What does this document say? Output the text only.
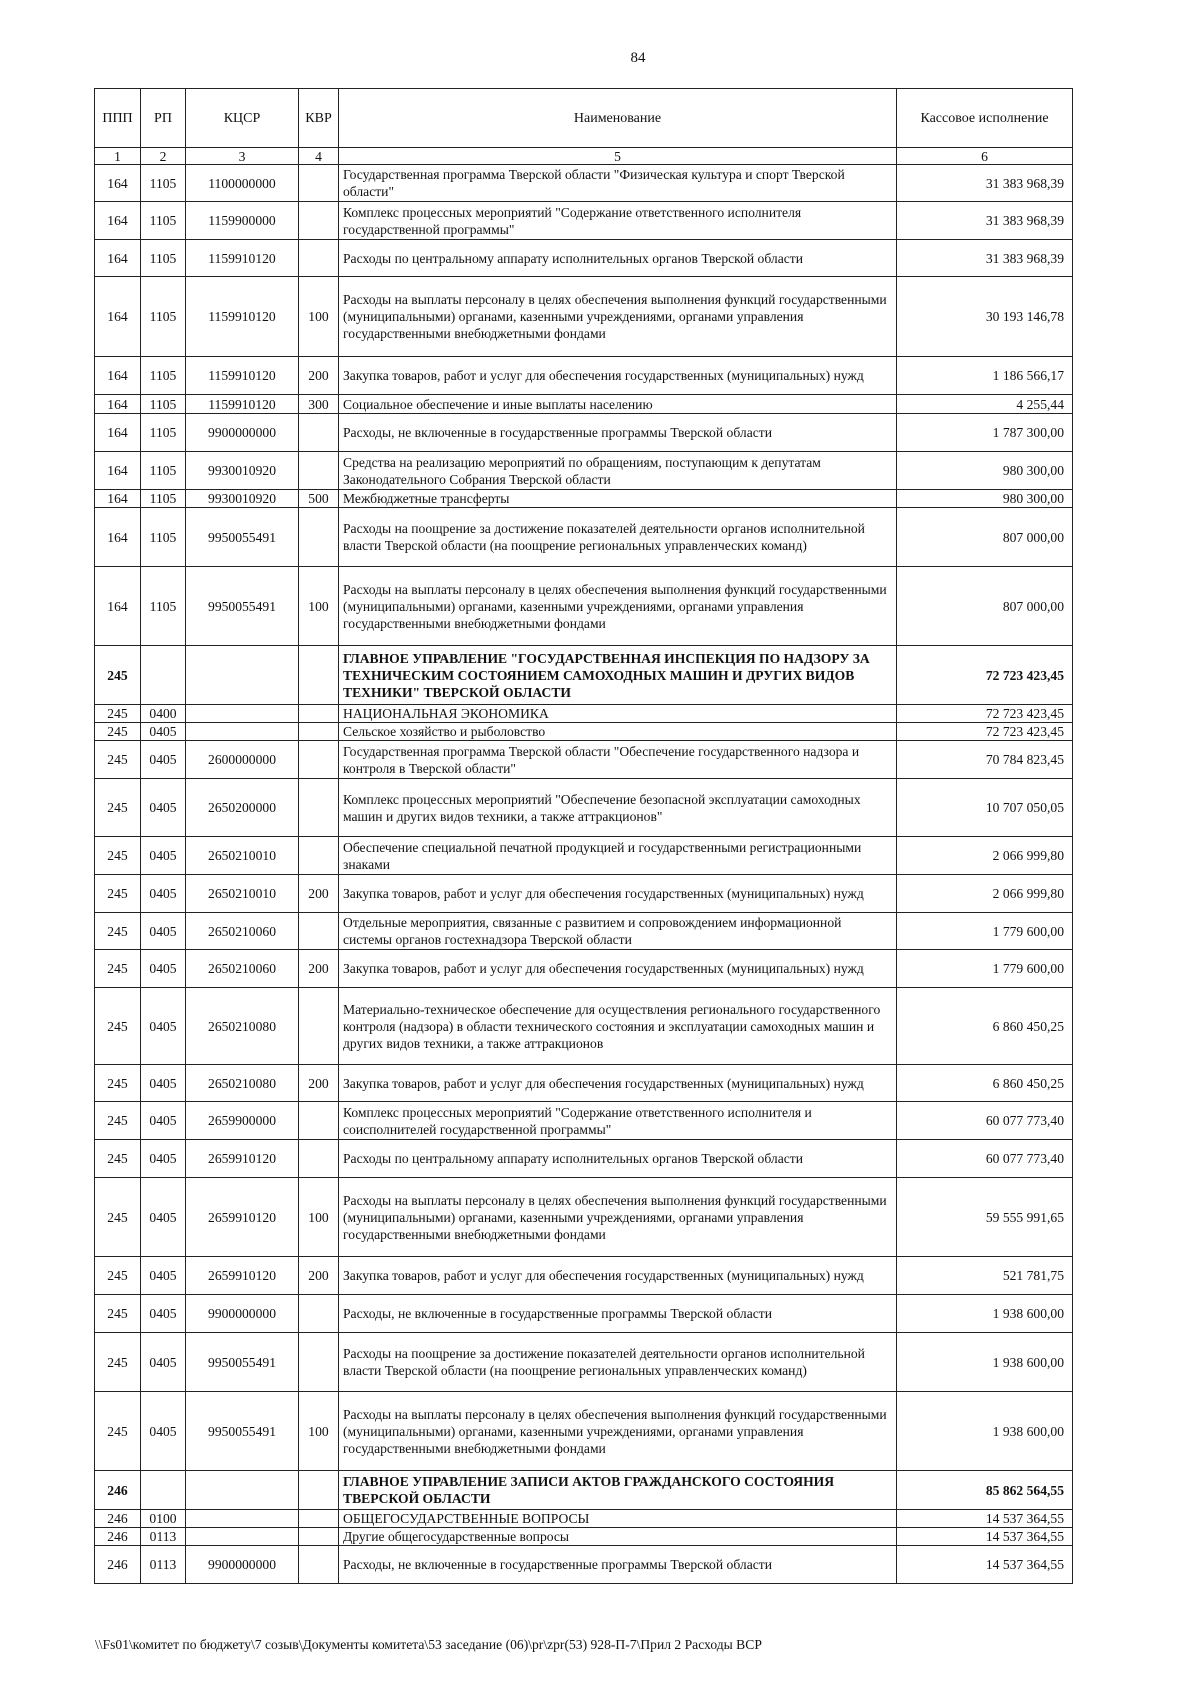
84
ППП	РП	КЦСР	КВР	Наименование	Кассовое исполнение
1	2	3	4	5	6
164	1105	1100000000		Государственная программа Тверской области "Физическая культура и спорт Тверской области"	31 383 968,39
164	1105	1159900000		Комплекс процессных мероприятий "Содержание ответственного исполнителя государственной программы"	31 383 968,39
164	1105	1159910120		Расходы по центральному аппарату исполнительных органов Тверской области	31 383 968,39
164	1105	1159910120	100	Расходы на выплаты персоналу в целях обеспечения выполнения функций государственными (муниципальными) органами, казенными учреждениями, органами управления государственными внебюджетными фондами	30 193 146,78
164	1105	1159910120	200	Закупка товаров, работ и услуг для обеспечения государственных (муниципальных) нужд	1 186 566,17
164	1105	1159910120	300	Социальное обеспечение и иные выплаты населению	4 255,44
164	1105	9900000000		Расходы, не включенные в государственные программы Тверской области	1 787 300,00
164	1105	9930010920		Средства на реализацию мероприятий по обращениям, поступающим к депутатам Законодательного Собрания Тверской области	980 300,00
164	1105	9930010920	500	Межбюджетные трансферты	980 300,00
164	1105	9950055491		Расходы на поощрение за достижение показателей деятельности органов исполнительной власти Тверской области (на поощрение региональных управленческих команд)	807 000,00
164	1105	9950055491	100	Расходы на выплаты персоналу в целях обеспечения выполнения функций государственными (муниципальными) органами, казенными учреждениями, органами управления государственными внебюджетными фондами	807 000,00
245				ГЛАВНОЕ УПРАВЛЕНИЕ "ГОСУДАРСТВЕННАЯ ИНСПЕКЦИЯ ПО НАДЗОРУ ЗА ТЕХНИЧЕСКИМ СОСТОЯНИЕМ САМОХОДНЫХ МАШИН И ДРУГИХ ВИДОВ ТЕХНИКИ" ТВЕРСКОЙ ОБЛАСТИ	72 723 423,45
245	0400			НАЦИОНАЛЬНАЯ ЭКОНОМИКА	72 723 423,45
245	0405			Сельское хозяйство и рыболовство	72 723 423,45
245	0405	2600000000		Государственная программа Тверской области "Обеспечение государственного надзора и контроля в Тверской области"	70 784 823,45
245	0405	2650200000		Комплекс процессных мероприятий "Обеспечение безопасной эксплуатации самоходных машин и других видов техники, а также аттракционов"	10 707 050,05
245	0405	2650210010		Обеспечение специальной печатной продукцией и государственными регистрационными знаками	2 066 999,80
245	0405	2650210010	200	Закупка товаров, работ и услуг для обеспечения государственных (муниципальных) нужд	2 066 999,80
245	0405	2650210060		Отдельные мероприятия, связанные с развитием и сопровождением информационной системы органов гостехнадзора Тверской области	1 779 600,00
245	0405	2650210060	200	Закупка товаров, работ и услуг для обеспечения государственных (муниципальных) нужд	1 779 600,00
245	0405	2650210080		Материально-техническое обеспечение для осуществления регионального государственного контроля (надзора) в области технического состояния и эксплуатации самоходных машин и других видов техники, а также аттракционов	6 860 450,25
245	0405	2650210080	200	Закупка товаров, работ и услуг для обеспечения государственных (муниципальных) нужд	6 860 450,25
245	0405	2659900000		Комплекс процессных мероприятий "Содержание ответственного исполнителя и соисполнителей государственной программы"	60 077 773,40
245	0405	2659910120		Расходы по центральному аппарату исполнительных органов Тверской области	60 077 773,40
245	0405	2659910120	100	Расходы на выплаты персоналу в целях обеспечения выполнения функций государственными (муниципальными) органами, казенными учреждениями, органами управления государственными внебюджетными фондами	59 555 991,65
245	0405	2659910120	200	Закупка товаров, работ и услуг для обеспечения государственных (муниципальных) нужд	521 781,75
245	0405	9900000000		Расходы, не включенные в государственные программы Тверской области	1 938 600,00
245	0405	9950055491		Расходы на поощрение за достижение показателей деятельности органов исполнительной власти Тверской области (на поощрение региональных управленческих команд)	1 938 600,00
245	0405	9950055491	100	Расходы на выплаты персоналу в целях обеспечения выполнения функций государственными (муниципальными) органами, казенными учреждениями, органами управления государственными внебюджетными фондами	1 938 600,00
246				ГЛАВНОЕ УПРАВЛЕНИЕ ЗАПИСИ АКТОВ ГРАЖДАНСКОГО СОСТОЯНИЯ ТВЕРСКОЙ ОБЛАСТИ	85 862 564,55
246	0100			ОБЩЕГОСУДАРСТВЕННЫЕ ВОПРОСЫ	14 537 364,55
246	0113			Другие общегосударственные вопросы	14 537 364,55
246	0113	9900000000		Расходы, не включенные в государственные программы Тверской области	14 537 364,55
\\Fs01\комитет по бюджету\7 созыв\Документы комитета\53 заседание (06)\pr\zpr(53) 928-П-7\Прил 2 Расходы ВСР
